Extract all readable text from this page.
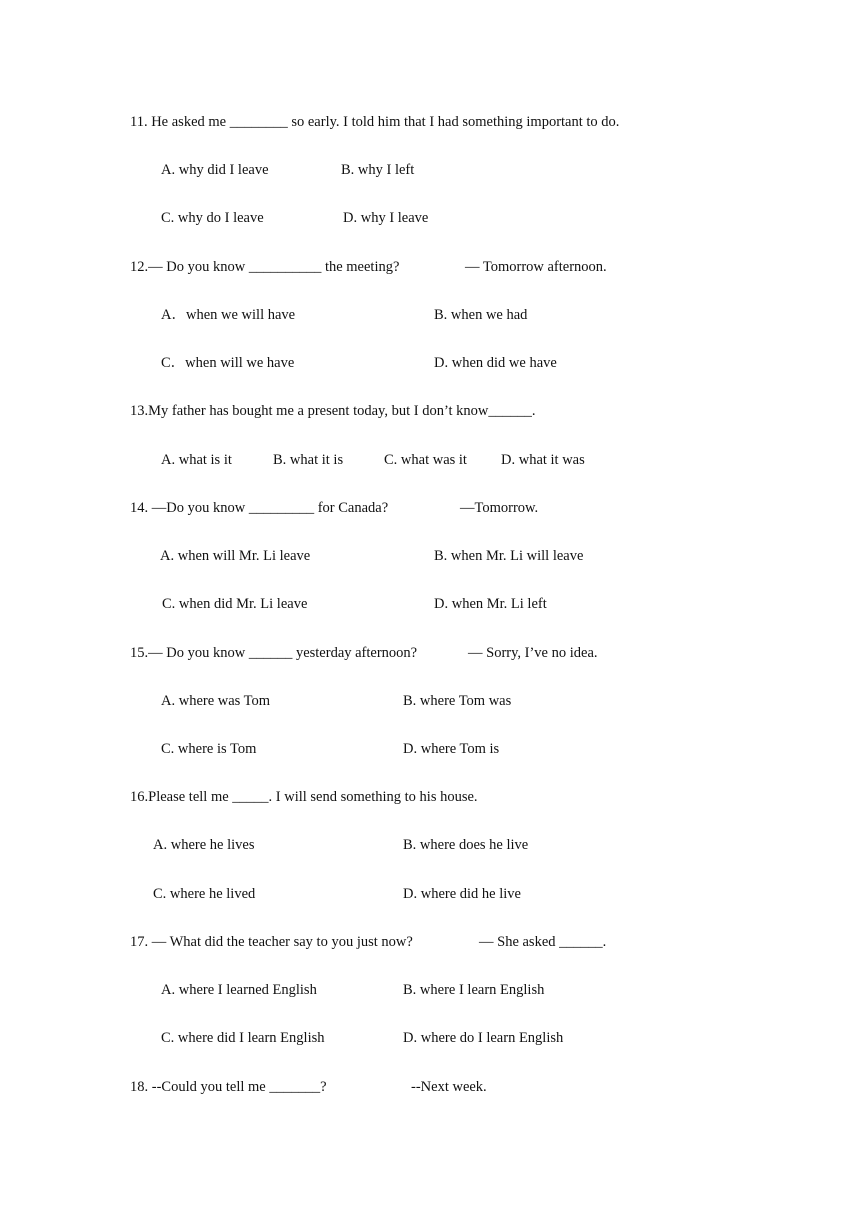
11. He asked me ________ so early. I told him that I had something important to do.
A. why did I leave	B. why I left
C. why do I leave	D. why I leave
12.— Do you know __________ the meeting?	— Tomorrow afternoon.
A．when we will have	B. when we had
C．when will we have	D. when did we have
13.My father has bought me a present today, but I don’t know______.
A. what is it	B. what it is	C. what was it D. what it was
14. —Do you know _________ for Canada?	—Tomorrow.
A. when will Mr. Li leave	B. when Mr. Li will leave
C. when did Mr. Li leave	D. when Mr. Li left
15.— Do you know ______ yesterday afternoon?	— Sorry, I’ve no idea.
A. where was Tom	B. where Tom was
C. where is Tom	D. where Tom is
16.Please tell me _____. I will send something to his house.
A. where he lives	B. where does he live
C. where he lived	D. where did he live
17. — What did the teacher say to you just now?	— She asked ______.
A. where I learned English	B. where I learn English
C. where did I learn English	D. where do I learn English
18. --Could you tell me _______?	--Next week.
